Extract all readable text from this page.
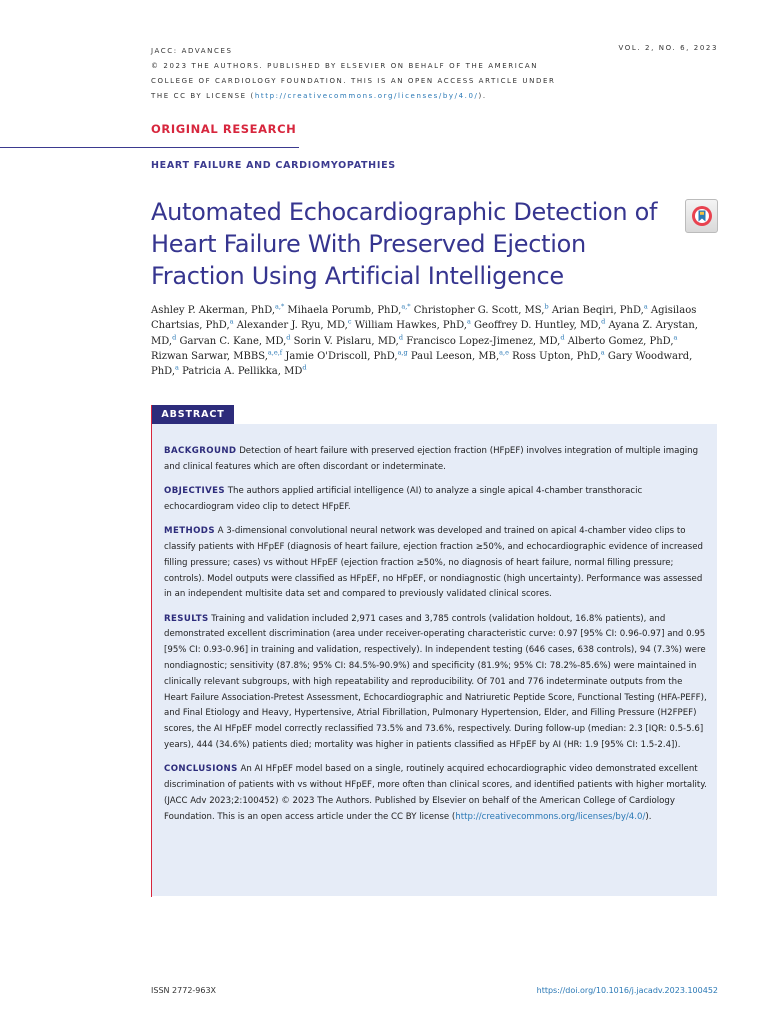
JACC: ADVANCES
© 2023 THE AUTHORS. PUBLISHED BY ELSEVIER ON BEHALF OF THE AMERICAN
COLLEGE OF CARDIOLOGY FOUNDATION. THIS IS AN OPEN ACCESS ARTICLE UNDER
THE CC BY LICENSE (http://creativecommons.org/licenses/by/4.0/).
VOL. 2, NO. 6, 2023
ORIGINAL RESEARCH
HEART FAILURE AND CARDIOMYOPATHIES
Automated Echocardiographic Detection of Heart Failure With Preserved Ejection Fraction Using Artificial Intelligence
Ashley P. Akerman, PhD,$^{a,*}$ Mihaela Porumb, PhD,$^{a,*}$ Christopher G. Scott, MS,$^b$ Arian Beqiri, PhD,$^a$ Agisilaos Chartsias, PhD,$^a$ Alexander J. Ryu, MD,$^c$ William Hawkes, PhD,$^a$ Geoffrey D. Huntley, MD,$^d$ Ayana Z. Arystan, MD,$^d$ Garvan C. Kane, MD,$^d$ Sorin V. Pislaru, MD,$^d$ Francisco Lopez-Jimenez, MD,$^d$ Alberto Gomez, PhD,$^a$ Rizwan Sarwar, MBBS,$^{a,e,f}$ Jamie O'Driscoll, PhD,$^{a,g}$ Paul Leeson, MB,$^{a,e}$ Ross Upton, PhD,$^a$ Gary Woodward, PhD,$^a$ Patricia A. Pellikka, MD$^d$
ABSTRACT

BACKGROUND Detection of heart failure with preserved ejection fraction (HFpEF) involves integration of multiple imaging and clinical features which are often discordant or indeterminate.

OBJECTIVES The authors applied artificial intelligence (AI) to analyze a single apical 4-chamber transthoracic echocardiogram video clip to detect HFpEF.

METHODS A 3-dimensional convolutional neural network was developed and trained on apical 4-chamber video clips to classify patients with HFpEF (diagnosis of heart failure, ejection fraction ≥50%, and echocardiographic evidence of increased filling pressure; cases) vs without HFpEF (ejection fraction ≥50%, no diagnosis of heart failure, normal filling pressure; controls). Model outputs were classified as HFpEF, no HFpEF, or nondiagnostic (high uncertainty). Performance was assessed in an independent multisite data set and compared to previously validated clinical scores.

RESULTS Training and validation included 2,971 cases and 3,785 controls (validation holdout, 16.8% patients), and demonstrated excellent discrimination (area under receiver-operating characteristic curve: 0.97 [95% CI: 0.96-0.97] and 0.95 [95% CI: 0.93-0.96] in training and validation, respectively). In independent testing (646 cases, 638 controls), 94 (7.3%) were nondiagnostic; sensitivity (87.8%; 95% CI: 84.5%-90.9%) and specificity (81.9%; 95% CI: 78.2%-85.6%) were maintained in clinically relevant subgroups, with high repeatability and reproducibility. Of 701 and 776 indeterminate outputs from the Heart Failure Association-Pretest Assessment, Echocardiographic and Natriuretic Peptide Score, Functional Testing (HFA-PEFF), and Final Etiology and Heavy, Hypertensive, Atrial Fibrillation, Pulmonary Hypertension, Elder, and Filling Pressure (H2FPEF) scores, the AI HFpEF model correctly reclassified 73.5% and 73.6%, respectively. During follow-up (median: 2.3 [IQR: 0.5-5.6] years), 444 (34.6%) patients died; mortality was higher in patients classified as HFpEF by AI (HR: 1.9 [95% CI: 1.5-2.4]).

CONCLUSIONS An AI HFpEF model based on a single, routinely acquired echocardiographic video demonstrated excellent discrimination of patients with vs without HFpEF, more often than clinical scores, and identified patients with higher mortality. (JACC Adv 2023;2:100452) © 2023 The Authors. Published by Elsevier on behalf of the American College of Cardiology Foundation. This is an open access article under the CC BY license (http://creativecommons.org/licenses/by/4.0/).

ISSN 2772-963X	https://doi.org/10.1016/j.jacadv.2023.100452
